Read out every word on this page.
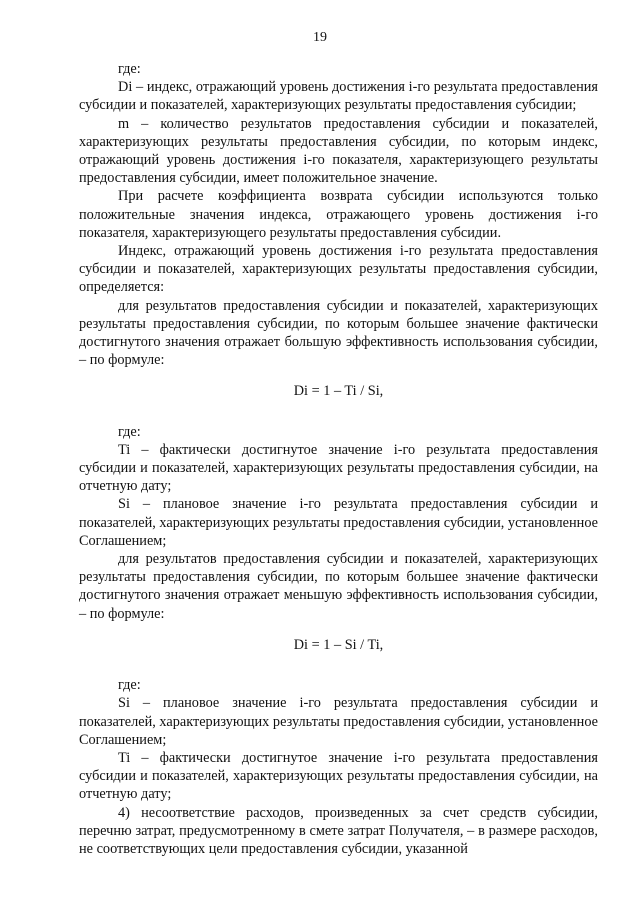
19

где:

Di – индекс, отражающий уровень достижения i-го результата предоставления субсидии и показателей, характеризующих результаты предоставления субсидии;

m – количество результатов предоставления субсидии и показателей, характеризующих результаты предоставления субсидии, по которым индекс, отражающий уровень достижения i-го показателя, характеризующего результаты предоставления субсидии, имеет положительное значение.

При расчете коэффициента возврата субсидии используются только положительные значения индекса, отражающего уровень достижения i-го показателя, характеризующего результаты предоставления субсидии.

Индекс, отражающий уровень достижения i-го результата предоставления субсидии и показателей, характеризующих результаты предоставления субсидии, определяется:

для результатов предоставления субсидии и показателей, характеризующих результаты предоставления субсидии, по которым большее значение фактически достигнутого значения отражает большую эффективность использования субсидии, – по формуле:

Di = 1 – Ti / Si,

где:

Ti – фактически достигнутое значение i-го результата предоставления субсидии и показателей, характеризующих результаты предоставления субсидии, на отчетную дату;

Si – плановое значение i-го результата предоставления субсидии и показателей, характеризующих результаты предоставления субсидии, установленное Соглашением;

для результатов предоставления субсидии и показателей, характеризующих результаты предоставления субсидии, по которым большее значение фактически достигнутого значения отражает меньшую эффективность использования субсидии, – по формуле:

Di = 1 – Si / Ti,

где:

Si – плановое значение i-го результата предоставления субсидии и показателей, характеризующих результаты предоставления субсидии, установленное Соглашением;

Ti – фактически достигнутое значение i-го результата предоставления субсидии и показателей, характеризующих результаты предоставления субсидии, на отчетную дату;

4) несоответствие расходов, произведенных за счет средств субсидии, перечню затрат, предусмотренному в смете затрат Получателя, – в размере расходов, не соответствующих цели предоставления субсидии, указанной
